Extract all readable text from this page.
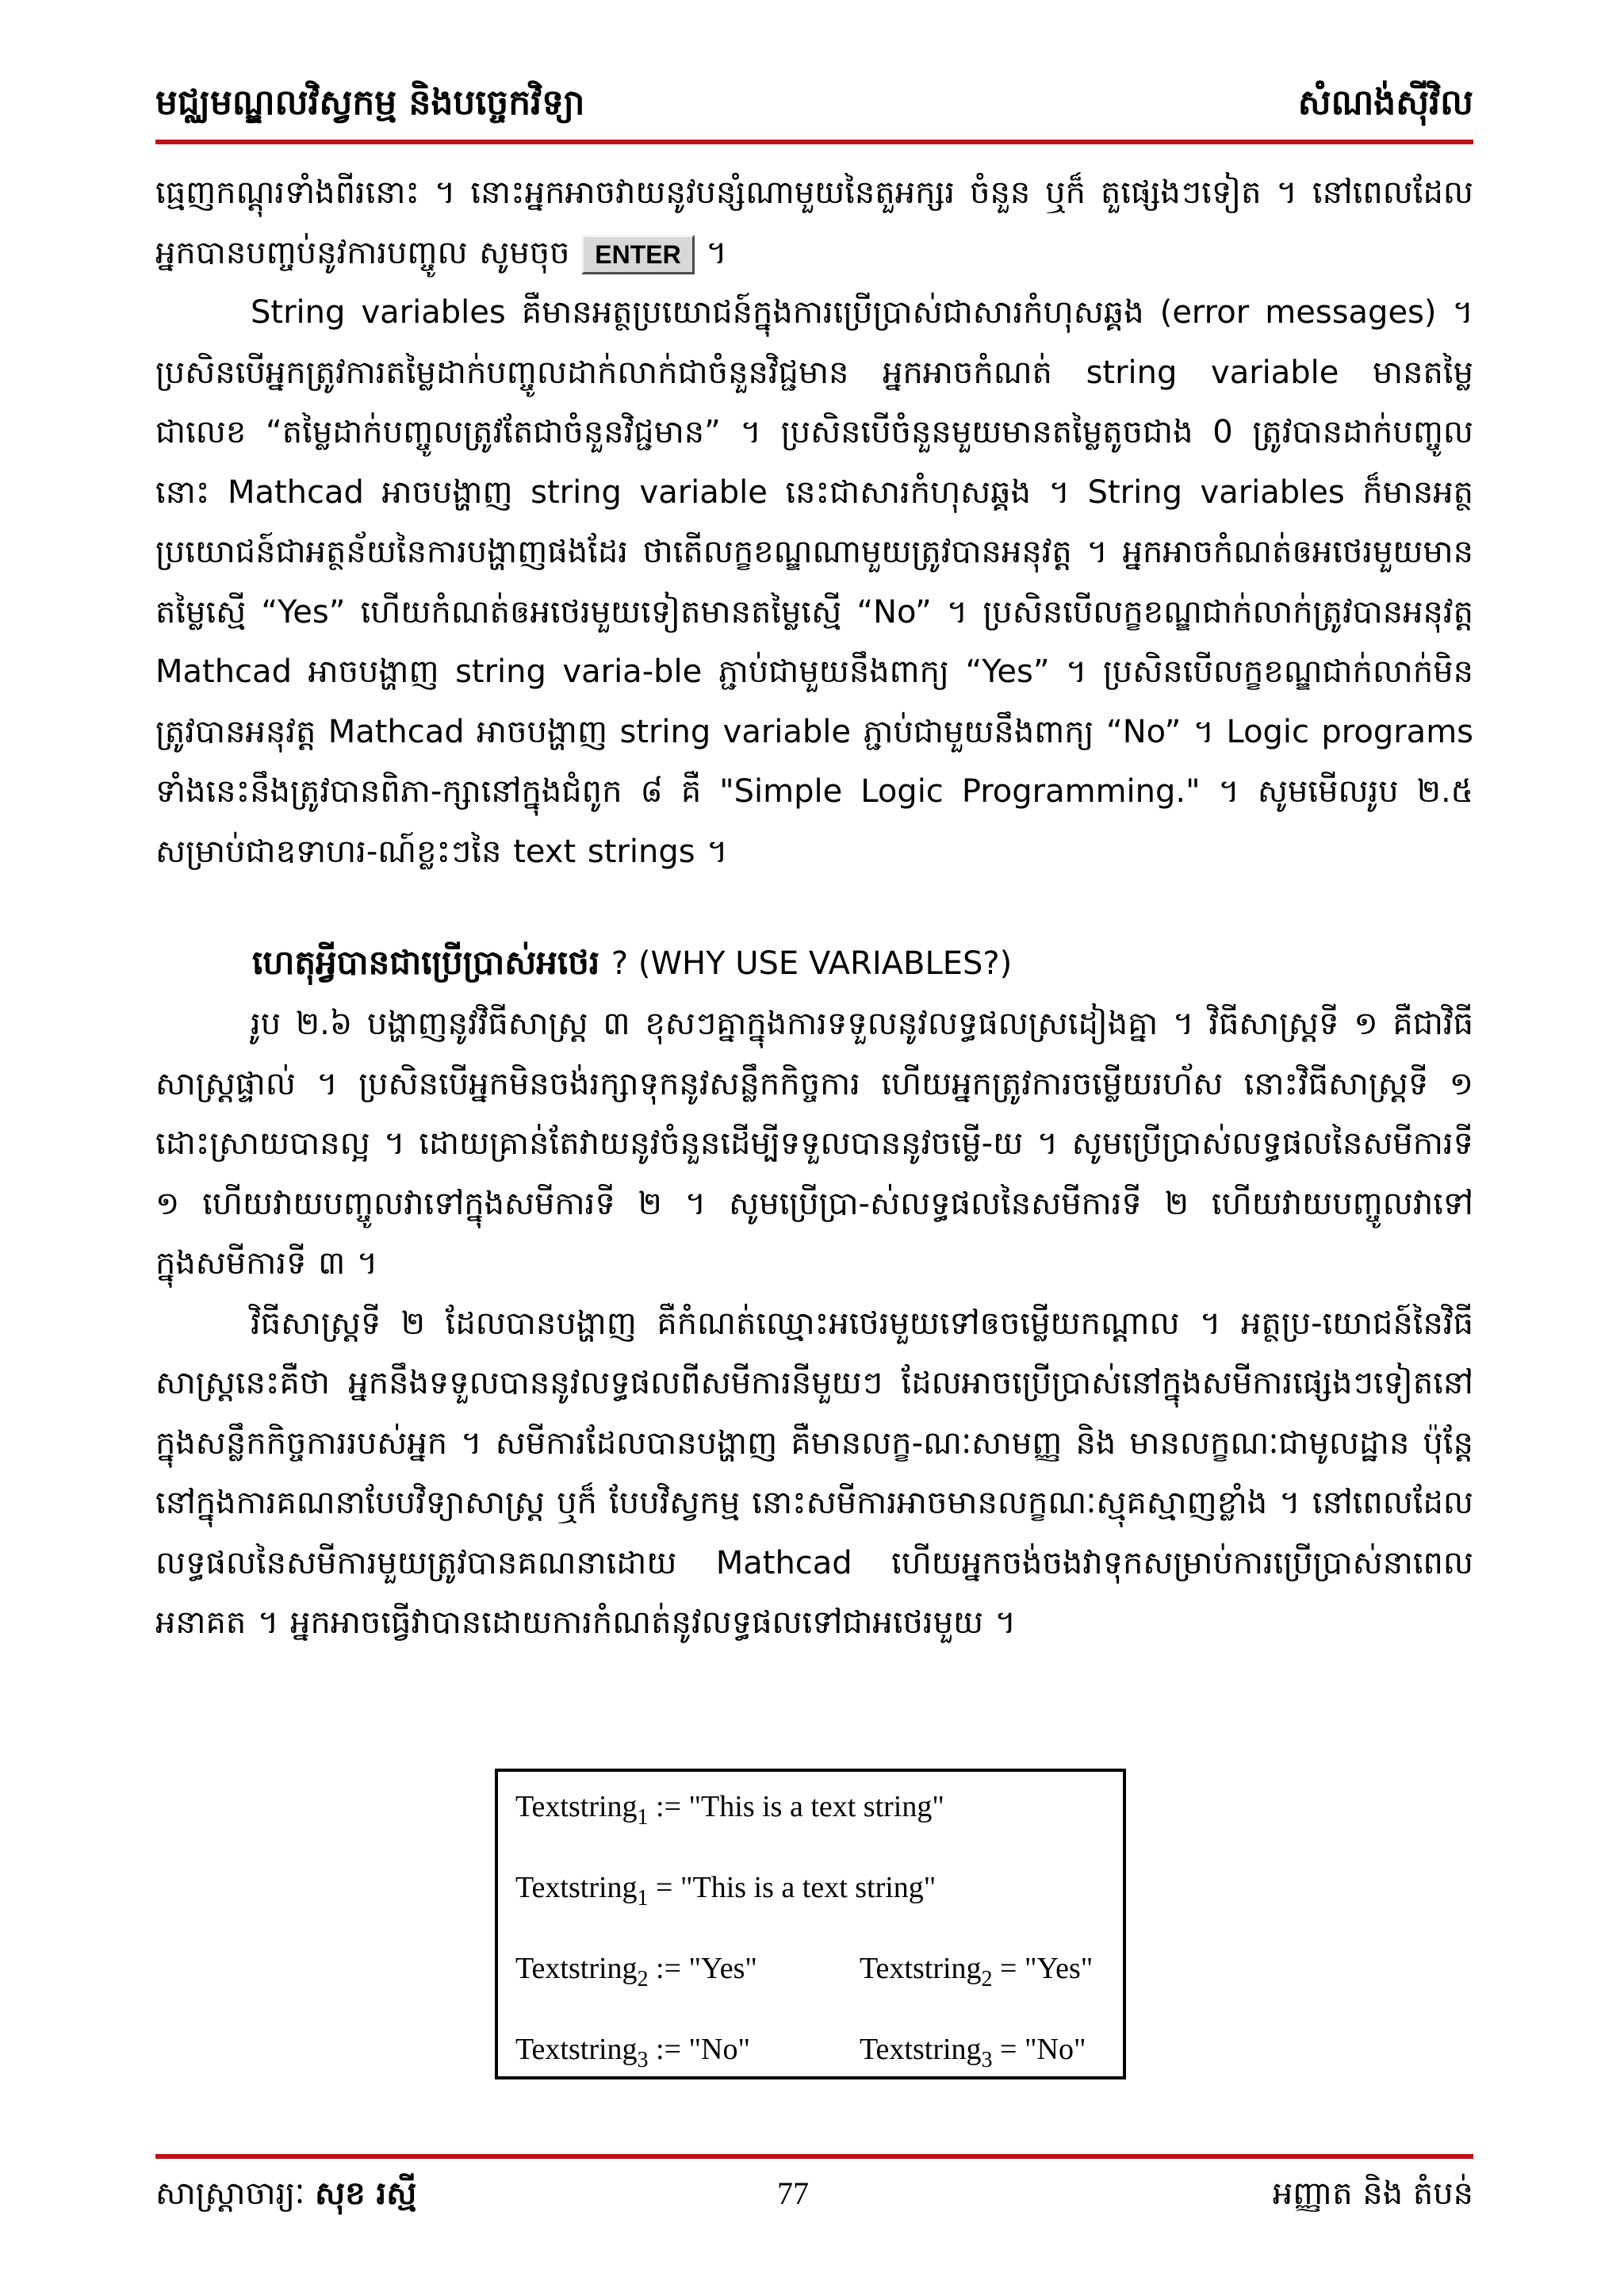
មជ្ឈមណ្ឌលវិស្វកម្ម និងបច្ចេកវិទ្យា	សំណង់ស៊ីវិល

ធ្មេញកណ្តុរទាំងពីរនោះ ។ នោះអ្នកអាចវាយនូវបន្សំណាមួយនៃតួអក្សរ ចំនួន ឬក៏ តួផ្សេងៗទៀត ។ នៅពេលដែលអ្នកបានបញ្ចប់នូវការបញ្ចូល សូមចុច ENTER ។

String variables គឺមានអត្ថប្រយោជន៍ក្នុងការប្រើប្រាស់ជាសារកំហុសឆ្គង (error messages) ។ ប្រសិនបើអ្នកត្រូវការតម្លៃដាក់បញ្ចូលដាក់លាក់ជាចំនួនវិជ្ជមាន អ្នកអាចកំណត់ string variable មានតម្លៃជាលេខ “តម្លៃដាក់បញ្ចូលត្រូវតែជាចំនួនវិជ្ជមាន” ។ ប្រសិនបើចំនួនមួយមានតម្លៃតូចជាង 0 ត្រូវបានដាក់បញ្ចូល នោះ Mathcad អាចបង្ហាញ string variable នេះជាសារកំហុសឆ្គង ។ String variables ក៏មានអត្ថប្រយោជន៍ជាអត្ថន័យនៃការបង្ហាញផងដែរ ថាតើលក្ខខណ្ឌណាមួយត្រូវបានអនុវត្ត ។ អ្នកអាចកំណត់ឲអថេរមួយមានតម្លៃស្មើ “Yes” ហើយកំណត់ឲអថេរមួយទៀតមានតម្លៃស្មើ “No” ។ ប្រសិនបើលក្ខខណ្ឌជាក់លាក់ត្រូវបានអនុវត្ត Mathcad អាចបង្ហាញ string varia-ble ភ្ជាប់ជាមួយនឹងពាក្យ “Yes” ។ ប្រសិនបើលក្ខខណ្ឌជាក់លាក់មិនត្រូវបានអនុវត្ត Mathcad អាចបង្ហាញ string variable ភ្ជាប់ជាមួយនឹងពាក្យ “No” ។ Logic programs ទាំងនេះនឹងត្រូវបានពិភា-ក្សានៅក្នុងជំពូក ៨ គឺ "Simple Logic Programming." ។ សូមមើលរូប ២.៥ សម្រាប់ជាឧទាហរ-ណ៍ខ្លះៗនៃ text strings ។

ហេតុអ្វីបានជាប្រើប្រាស់អថេរ ? (WHY USE VARIABLES?)

រូប ២.៦ បង្ហាញនូវវិធីសាស្ត្រ ៣ ខុសៗគ្នាក្នុងការទទួលនូវលទ្ធផលស្រដៀងគ្នា ។ វិធីសាស្ត្រទី ១ គឺជាវិធីសាស្ត្រផ្ទាល់ ។ ប្រសិនបើអ្នកមិនចង់រក្សាទុកនូវសន្លឹកកិច្ចការ ហើយអ្នកត្រូវការចម្លើយរហ័ស នោះវិធីសាស្ត្រទី ១ ដោះស្រាយបានល្អ ។ ដោយគ្រាន់តែវាយនូវចំនួនដើម្បីទទួលបាននូវចម្លើ-យ ។ សូមប្រើប្រាស់លទ្ធផលនៃសមីការទី ១ ហើយវាយបញ្ចូលវាទៅក្នុងសមីការទី ២ ។ សូមប្រើប្រា-ស់លទ្ធផលនៃសមីការទី ២ ហើយវាយបញ្ចូលវាទៅក្នុងសមីការទី ៣ ។

វិធីសាស្ត្រទី ២ ដែលបានបង្ហាញ គឺកំណត់ឈ្មោះអថេរមួយទៅឲចម្លើយកណ្តាល ។ អត្ថប្រ-យោជន៍នៃវិធីសាស្ត្រនេះគឺថា អ្នកនឹងទទួលបាននូវលទ្ធផលពីសមីការនីមួយៗ ដែលអាចប្រើប្រាស់នៅក្នុងសមីការផ្សេងៗទៀតនៅក្នុងសន្លឹកកិច្ចការរបស់អ្នក ។ សមីការដែលបានបង្ហាញ គឺមានលក្ខ-ណៈសាមញ្ញ និង មានលក្ខណៈជាមូលដ្ឋាន ប៉ុន្តែនៅក្នុងការគណនាបែបវិទ្យាសាស្ត្រ ឬក៏ បែបវិស្វកម្ម នោះសមីការអាចមានលក្ខណៈស្មុគស្មាញខ្លាំង ។ នៅពេលដែលលទ្ធផលនៃសមីការមួយត្រូវបានគណនាដោយ Mathcad ហើយអ្នកចង់ចងវាទុកសម្រាប់ការប្រើប្រាស់នាពេលអនាគត ។ អ្នកអាចធ្វើវាបានដោយការកំណត់នូវលទ្ធផលទៅជាអថេរមួយ ។

Textstring$_1$ := "This is a text string"
Textstring$_1$ = "This is a text string"
Textstring$_2$ := "Yes"	Textstring$_2$ = "Yes"
Textstring$_3$ := "No"	Textstring$_3$ = "No"
សាស្ត្រាចារ្យៈ សុខ រស្មី	77	អញ្ញាត និង តំបន់
